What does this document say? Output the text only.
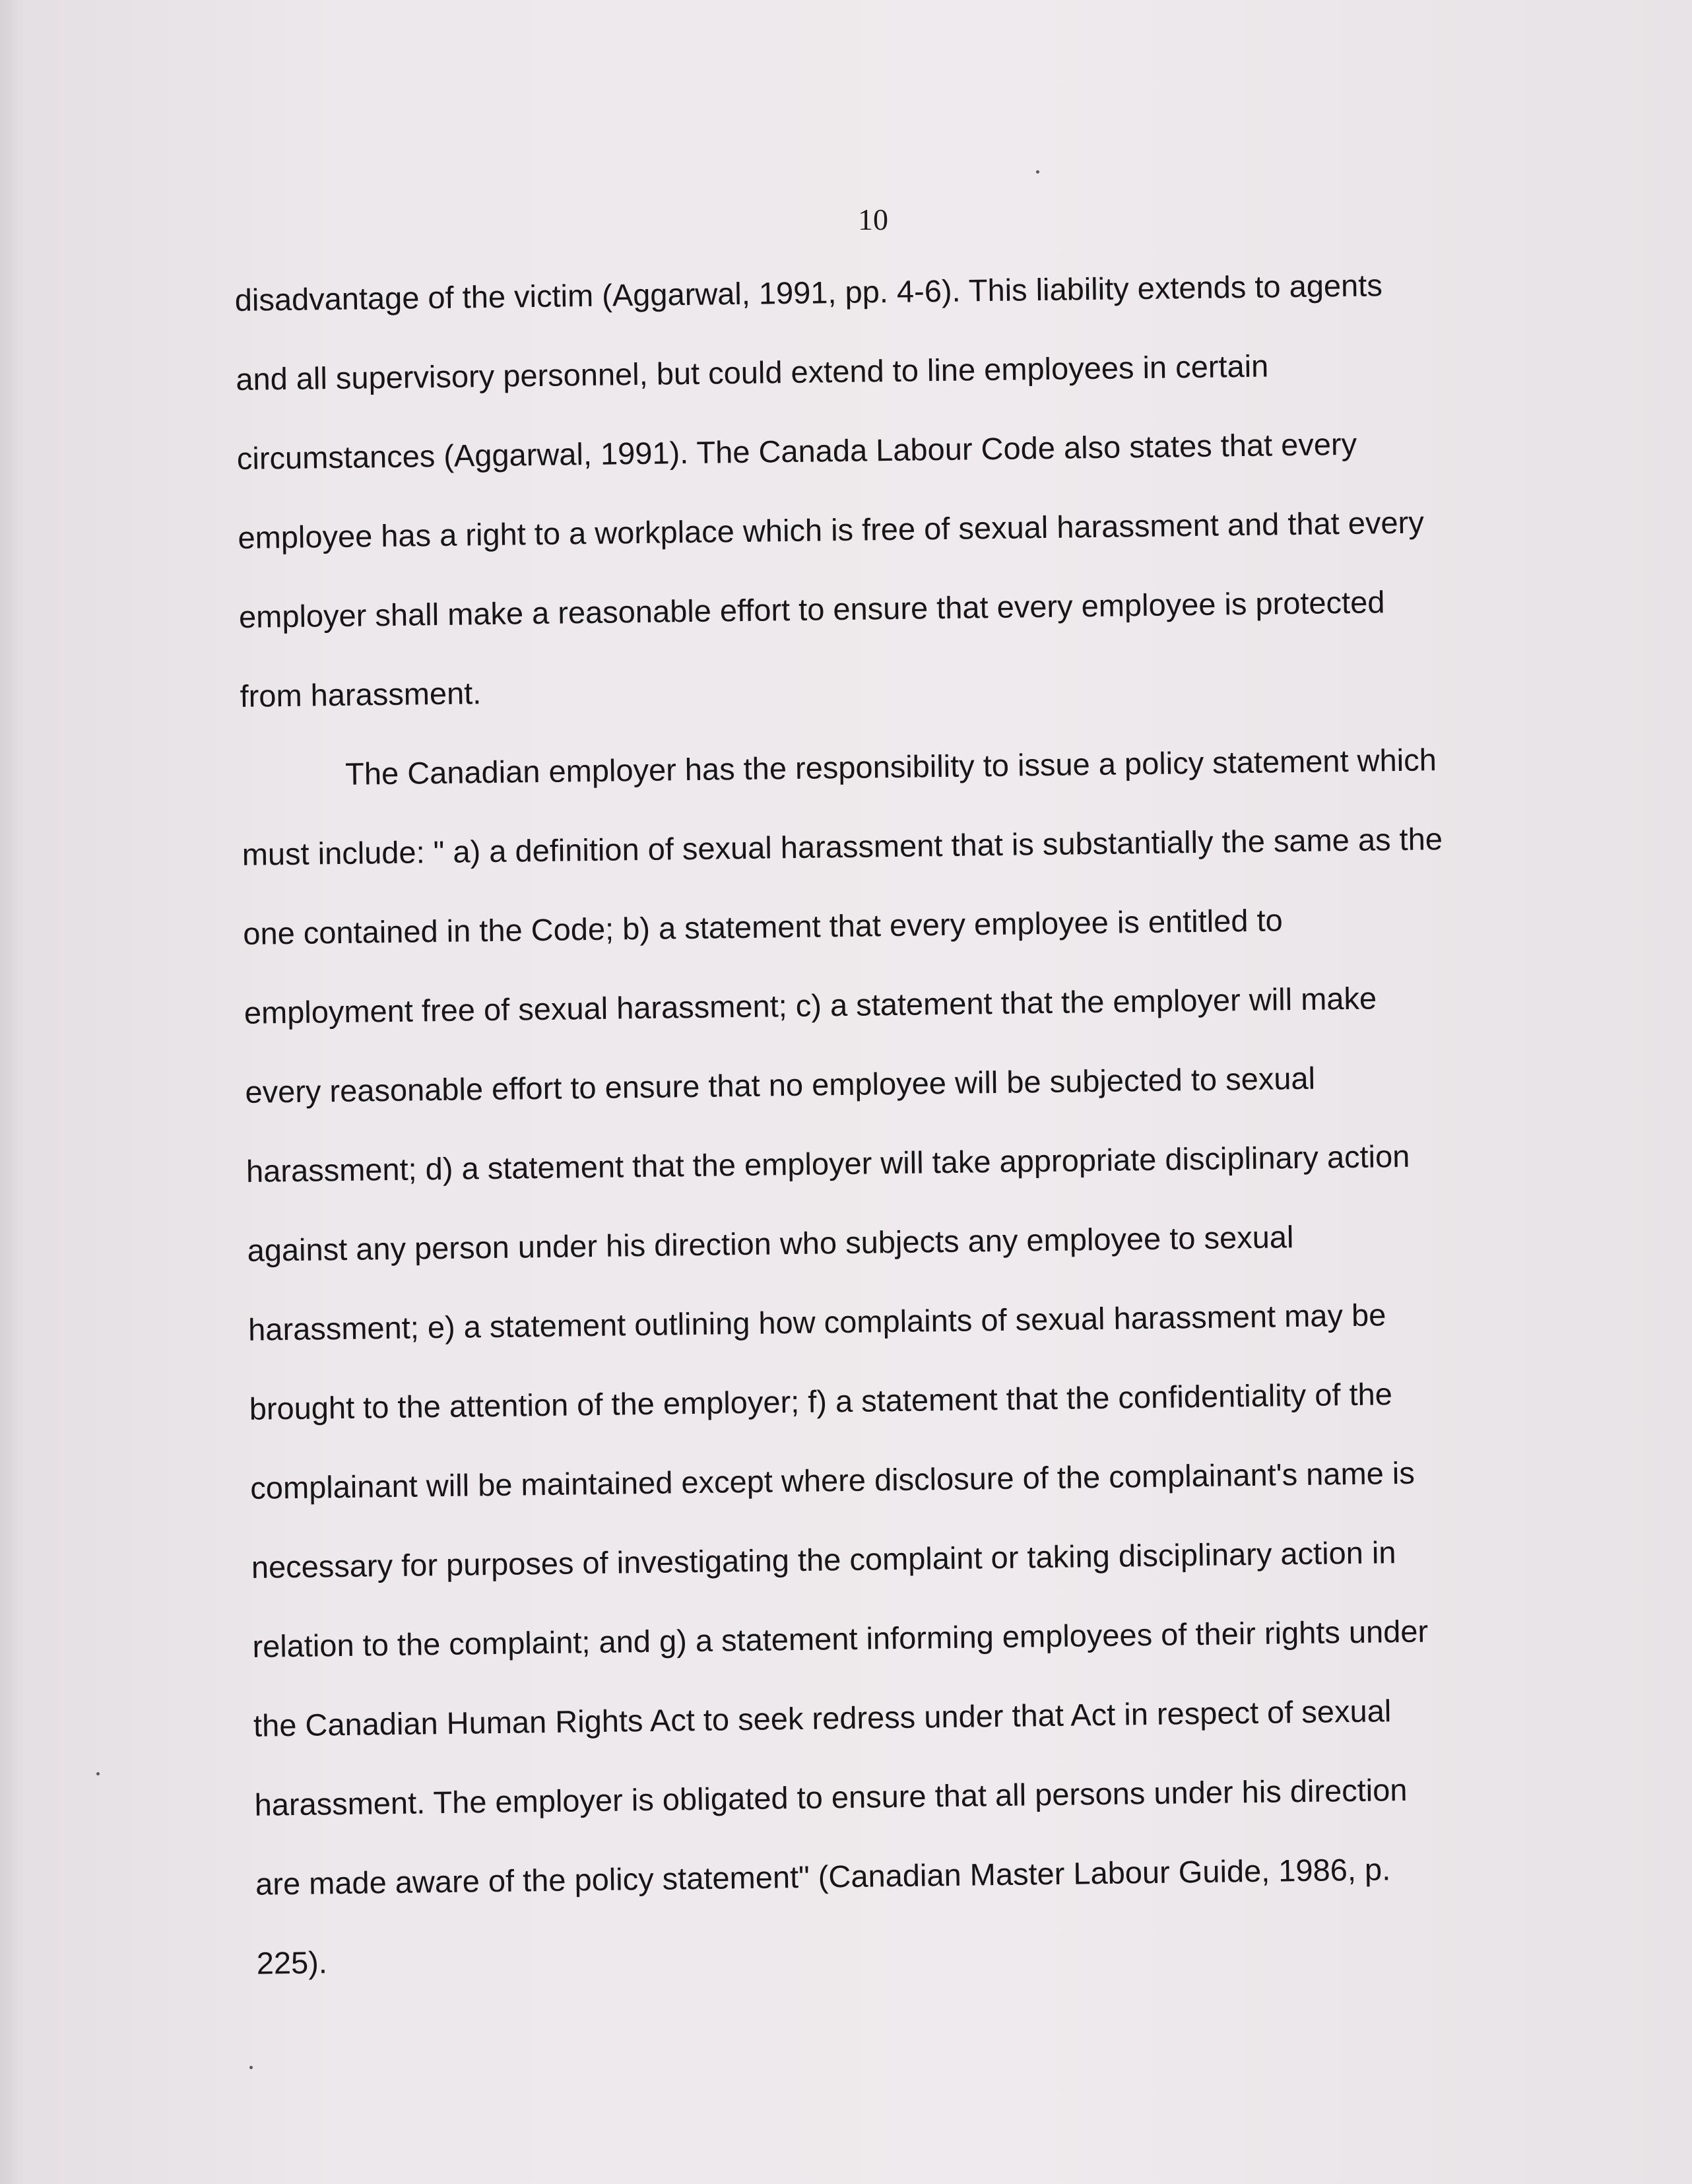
10
disadvantage of the victim (Aggarwal, 1991, pp. 4-6). This liability extends to agents
and all supervisory personnel, but could extend to line employees in certain
circumstances (Aggarwal, 1991). The Canada Labour Code also states that every
employee has a right to a workplace which is free of sexual harassment and that every
employer shall make a reasonable effort to ensure that every employee is protected
from harassment.
The Canadian employer has the responsibility to issue a policy statement which
must include: " a) a definition of sexual harassment that is substantially the same as the
one contained in the Code; b) a statement that every employee is entitled to
employment free of sexual harassment; c) a statement that the employer will make
every reasonable effort to ensure that no employee will be subjected to sexual
harassment; d) a statement that the employer will take appropriate disciplinary action
against any person under his direction who subjects any employee to sexual
harassment; e) a statement outlining how complaints of sexual harassment may be
brought to the attention of the employer; f) a statement that the confidentiality of the
complainant will be maintained except where disclosure of the complainant's name is
necessary for purposes of investigating the complaint or taking disciplinary action in
relation to the complaint; and g) a statement informing employees of their rights under
the Canadian Human Rights Act to seek redress under that Act in respect of sexual
harassment. The employer is obligated to ensure that all persons under his direction
are made aware of the policy statement" (Canadian Master Labour Guide, 1986, p.
225).
